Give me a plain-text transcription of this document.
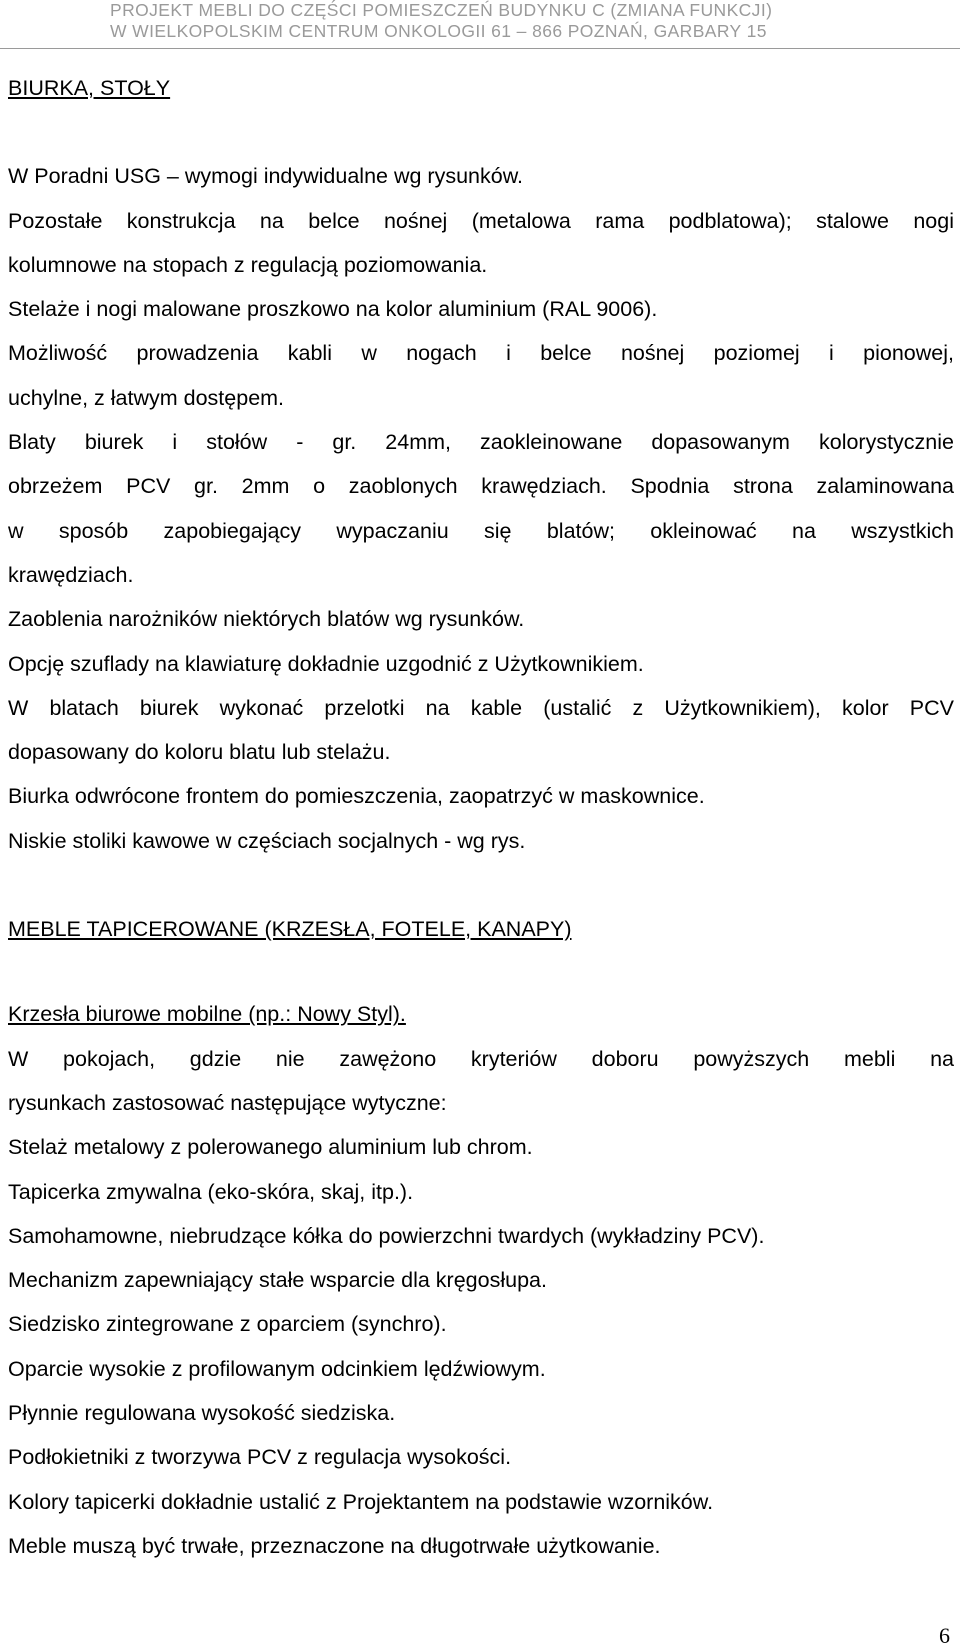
PROJEKT MEBLI DO CZĘŚCI POMIESZCZEŃ BUDYNKU C (ZMIANA FUNKCJI)
W WIELKOPOLSKIM CENTRUM ONKOLOGII 61 – 866 POZNAŃ, GARBARY 15
BIURKA, STOŁY
W Poradni USG – wymogi indywidualne wg rysunków.
Pozostałe konstrukcja na belce nośnej (metalowa rama podblatowa); stalowe nogi
kolumnowe na stopach z regulacją poziomowania.
Stelaże i nogi malowane proszkowo na kolor aluminium (RAL 9006).
Możliwość prowadzenia kabli w nogach i belce nośnej poziomej i pionowej,
uchylne, z łatwym dostępem.
Blaty biurek i stołów - gr. 24mm, zaokleinowane dopasowanym kolorystycznie
obrzeżem PCV gr. 2mm o zaoblonych krawędziach. Spodnia strona zalaminowana
w sposób zapobiegający wypaczaniu się blatów; okleinować na wszystkich
krawędziach.
Zaoblenia narożników niektórych blatów wg rysunków.
Opcję szuflady na klawiaturę dokładnie uzgodnić z Użytkownikiem.
W blatach biurek wykonać przelotki na kable (ustalić z Użytkownikiem), kolor PCV
dopasowany do koloru blatu lub stelażu.
Biurka odwrócone frontem do pomieszczenia, zaopatrzyć w maskownice.
Niskie stoliki kawowe w częściach socjalnych - wg rys.
MEBLE TAPICEROWANE (KRZESŁA, FOTELE, KANAPY)
Krzesła biurowe mobilne (np.: Nowy Styl).
W pokojach, gdzie nie zawężono kryteriów doboru powyższych mebli na
rysunkach zastosować następujące wytyczne:
Stelaż metalowy z polerowanego aluminium lub chrom.
Tapicerka zmywalna (eko-skóra, skaj, itp.).
Samohamowne, niebrudzące kółka do powierzchni twardych (wykładziny PCV).
Mechanizm zapewniający stałe wsparcie dla kręgosłupa.
Siedzisko zintegrowane z oparciem (synchro).
Oparcie wysokie z profilowanym odcinkiem lędźwiowym.
Płynnie regulowana wysokość siedziska.
Podłokietniki z tworzywa PCV z regulacja wysokości.
Kolory tapicerki dokładnie ustalić z Projektantem na podstawie wzorników.
Meble muszą być trwałe, przeznaczone na długotrwałe użytkowanie.
6
